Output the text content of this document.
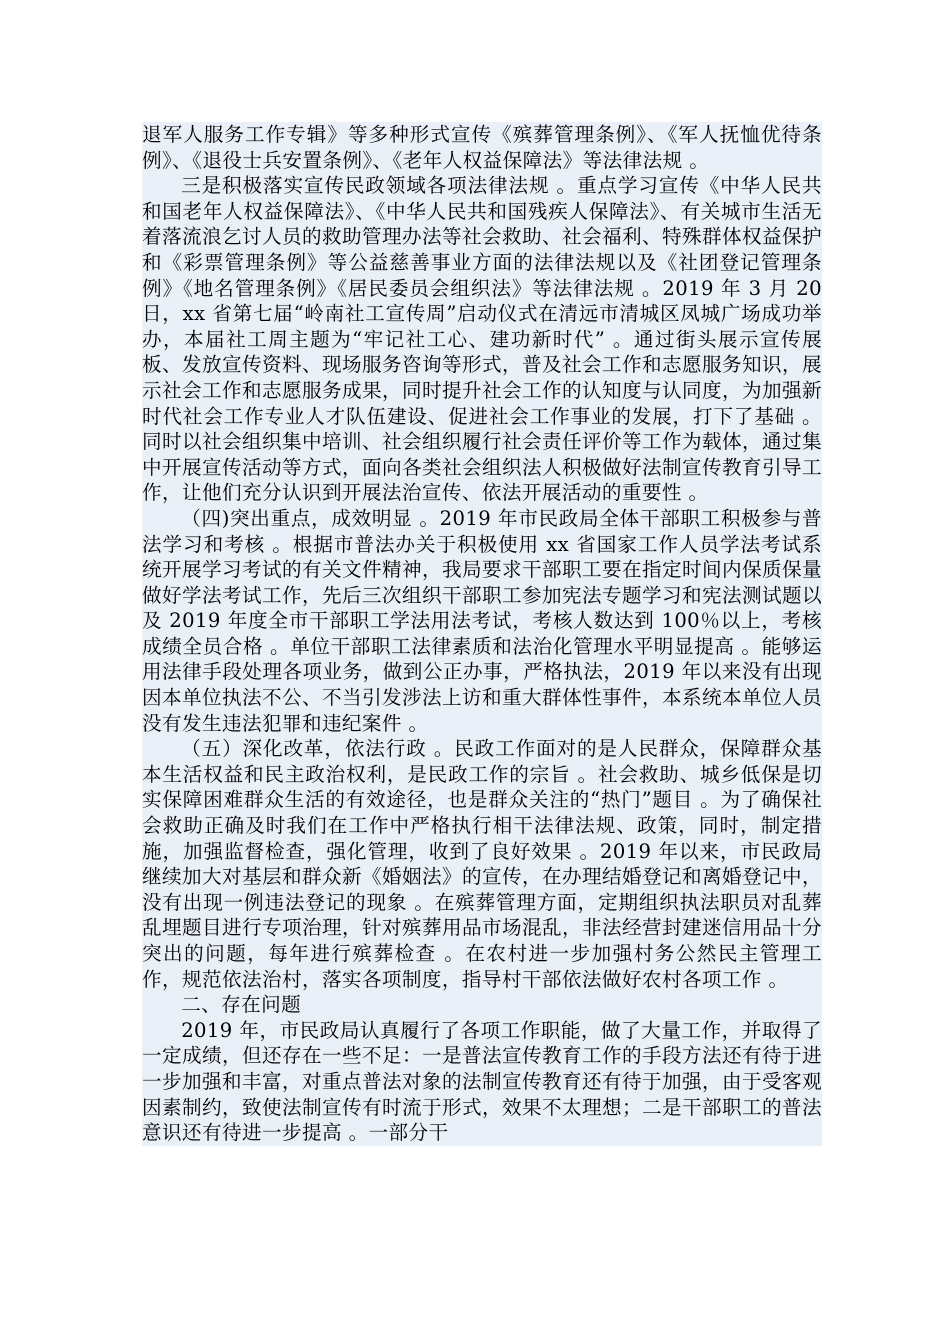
退军人服务工作专辑》等多种形式宣传《殡葬管理条例》、《军人抚恤优待条例》、《退役士兵安置条例》、《老年人权益保障法》等法律法规 。

三是积极落实宣传民政领域各项法律法规 。重点学习宣传《中华人民共和国老年人权益保障法》、《中华人民共和国残疾人保障法》、有关城市生活无着落流浪乞讨人员的救助管理办法等社会救助、社会福利、特殊群体权益保护和《彩票管理条例》等公益慈善事业方面的法律法规以及《社团登记管理条例》《地名管理条例》《居民委员会组织法》等法律法规 。2019 年 3 月 20 日，xx 省第七届“岭南社工宣传周”启动仪式在清远市清城区凤城广场成功举办，本届社工周主题为“牢记社工心、建功新时代” 。通过街头展示宣传展板、发放宣传资料、现场服务咨询等形式，普及社会工作和志愿服务知识，展示社会工作和志愿服务成果，同时提升社会工作的认知度与认同度，为加强新时代社会工作专业人才队伍建设、促进社会工作事业的发展，打下了基础 。同时以社会组织集中培训、社会组织履行社会责任评价等工作为载体，通过集中开展宣传活动等方式，面向各类社会组织法人积极做好法制宣传教育引导工作，让他们充分认识到开展法治宣传、依法开展活动的重要性 。

（四)突出重点，成效明显 。2019 年市民政局全体干部职工积极参与普法学习和考核 。根据市普法办关于积极使用 xx 省国家工作人员学法考试系统开展学习考试的有关文件精神，我局要求干部职工要在指定时间内保质保量做好学法考试工作，先后三次组织干部职工参加宪法专题学习和宪法测试题以及 2019 年度全市干部职工学法用法考试，考核人数达到 100％以上，考核成绩全员合格 。单位干部职工法律素质和法治化管理水平明显提高 。能够运用法律手段处理各项业务，做到公正办事，严格执法，2019 年以来没有出现因本单位执法不公、不当引发涉法上访和重大群体性事件，本系统本单位人员没有发生违法犯罪和违纪案件 。

（五）深化改革，依法行政 。民政工作面对的是人民群众，保障群众基本生活权益和民主政治权利，是民政工作的宗旨 。社会救助、城乡低保是切实保障困难群众生活的有效途径，也是群众关注的“热门”题目 。为了确保社会救助正确及时我们在工作中严格执行相干法律法规、政策，同时，制定措施，加强监督检查，强化管理，收到了良好效果 。2019 年以来，市民政局继续加大对基层和群众新《婚姻法》的宣传，在办理结婚登记和离婚登记中，没有出现一例违法登记的现象 。在殡葬管理方面，定期组织执法职员对乱葬乱埋题目进行专项治理，针对殡葬用品市场混乱，非法经营封建迷信用品十分突出的问题，每年进行殡葬检查 。在农村进一步加强村务公然民主管理工作，规范依法治村，落实各项制度，指导村干部依法做好农村各项工作 。

二、存在问题

2019 年，市民政局认真履行了各项工作职能，做了大量工作，并取得了一定成绩，但还存在一些不足：一是普法宣传教育工作的手段方法还有待于进一步加强和丰富，对重点普法对象的法制宣传教育还有待于加强，由于受客观因素制约，致使法制宣传有时流于形式，效果不太理想；二是干部职工的普法意识还有待进一步提高 。一部分干
